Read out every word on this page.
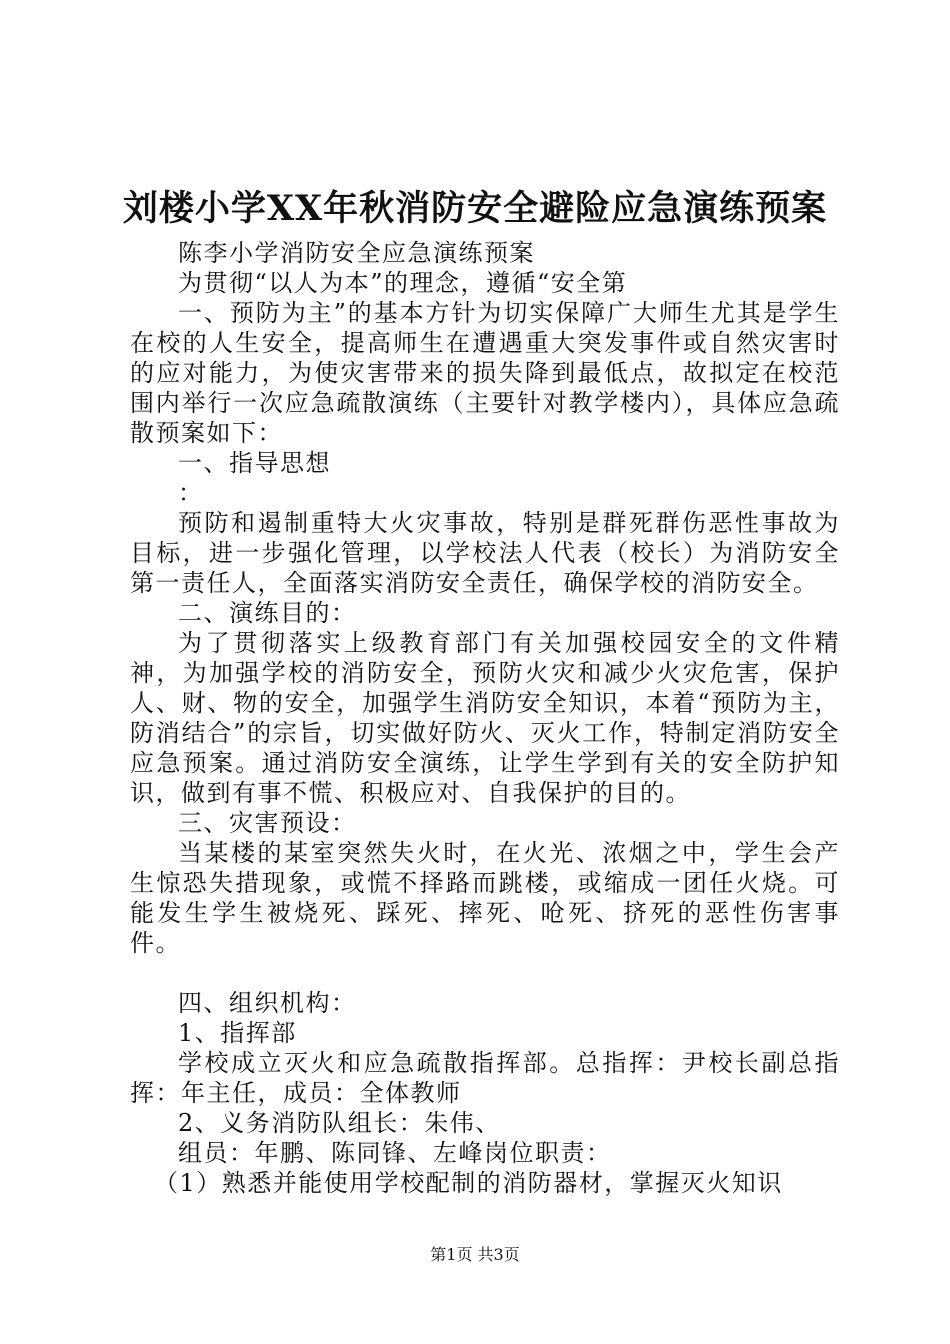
刘楼小学XX年秋消防安全避险应急演练预案

陈李小学消防安全应急演练预案

为贯彻“以人为本”的理念，遵循“安全第

一、预防为主”的基本方针为切实保障广大师生尤其是学生在校的人生安全，提高师生在遭遇重大突发事件或自然灾害时的应对能力，为使灾害带来的损失降到最低点，故拟定在校范围内举行一次应急疏散演练（主要针对教学楼内），具体应急疏散预案如下：

一、指导思想

：

预防和遏制重特大火灾事故，特别是群死群伤恶性事故为目标，进一步强化管理，以学校法人代表（校长）为消防安全第一责任人，全面落实消防安全责任，确保学校的消防安全。

二、演练目的：

为了贯彻落实上级教育部门有关加强校园安全的文件精神，为加强学校的消防安全，预防火灾和减少火灾危害，保护人、财、物的安全，加强学生消防安全知识，本着“预防为主，防消结合”的宗旨，切实做好防火、灭火工作，特制定消防安全应急预案。通过消防安全演练，让学生学到有关的安全防护知识，做到有事不慌、积极应对、自我保护的目的。

三、灾害预设：

当某楼的某室突然失火时，在火光、浓烟之中，学生会产生惊恐失措现象，或慌不择路而跳楼，或缩成一团任火烧。可能发生学生被烧死、踩死、摔死、呛死、挤死的恶性伤害事件。

四、组织机构：

1、指挥部

学校成立灭火和应急疏散指挥部。总指挥：尹校长副总指挥：年主任，成员：全体教师

2、义务消防队组长：朱伟、

组员：年鹏、陈同锋、左峰岗位职责：

（1）熟悉并能使用学校配制的消防器材，掌握灭火知识

第1页 共3页
